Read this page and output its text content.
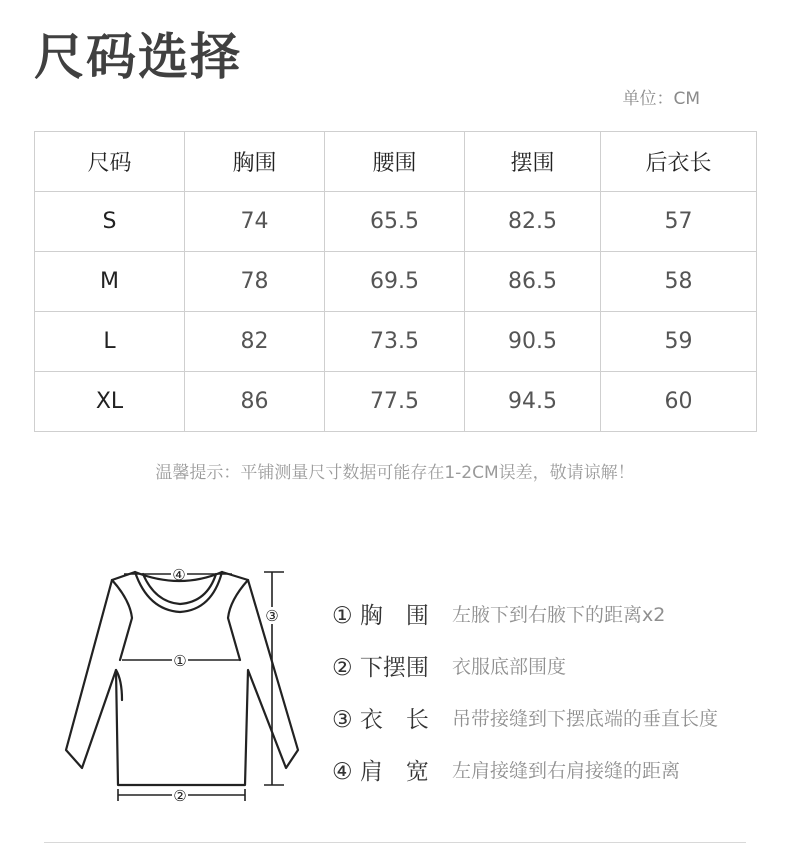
尺码选择
单位：CM
尺码	胸围	腰围	摆围	后衣长
S	74	65.5	82.5	57
M	78	69.5	86.5	58
L	82	73.5	90.5	59
XL	86	77.5	94.5	60
温馨提示：平铺测量尺寸数据可能存在1-2CM误差，敬请谅解！
④
①
②
③ ① 胸　围	左腋下到右腋下的距离x2
② 下摆围	衣服底部围度
③ 衣　长	吊带接缝到下摆底端的垂直长度
④ 肩　宽	左肩接缝到右肩接缝的距离
